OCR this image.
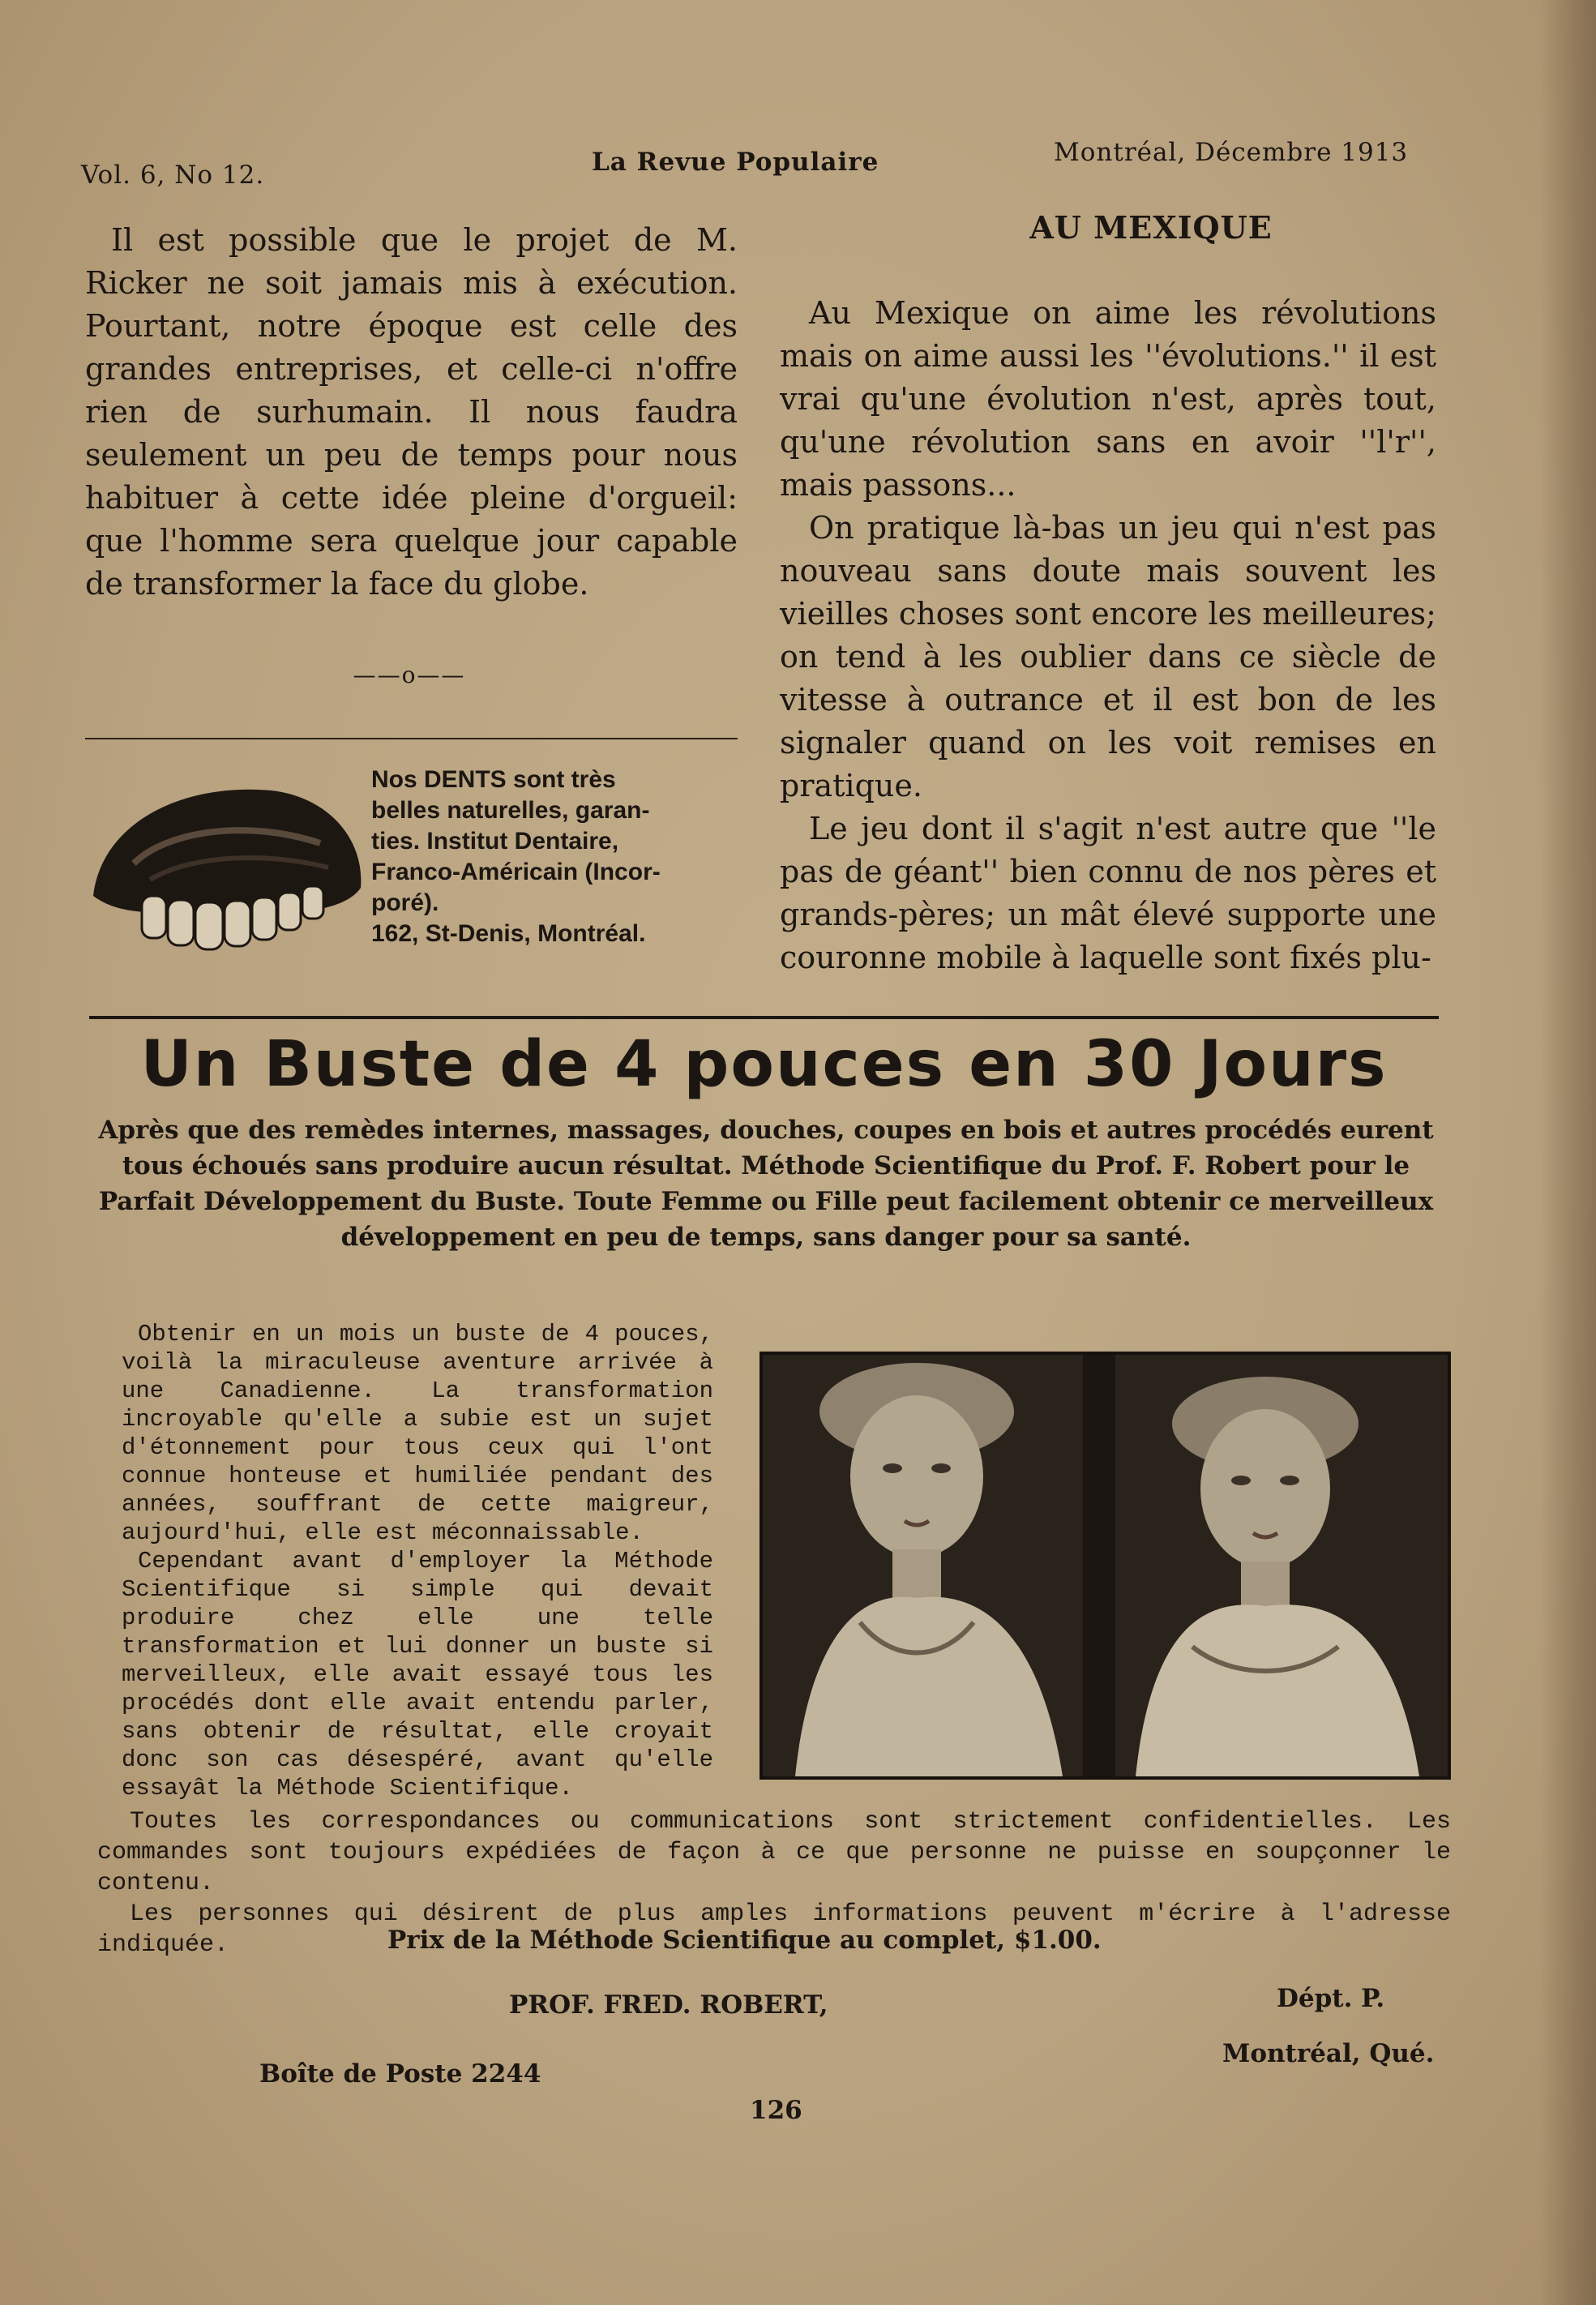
Vol. 6, No 12.	La Revue Populaire	Montréal, Décembre 1913
Il est possible que le projet de M. Ricker ne soit jamais mis à exécution. Pourtant, notre époque est celle des grandes entreprises, et celle-ci n'offre rien de surhumain. Il nous faudra seulement un peu de temps pour nous habituer à cette idée pleine d'orgueil: que l'homme sera quelque jour capable de transformer la face du globe.
——o——
Nos DENTS sont très
belles naturelles, garan-
ties. Institut Dentaire,
Franco-Américain (Incor-
poré).
162, St-Denis, Montréal.
AU MEXIQUE

Au Mexique on aime les révolutions mais on aime aussi les ''évolutions.'' il est vrai qu'une évolution n'est, après tout, qu'une révolution sans en avoir ''l'r'', mais passons...

On pratique là-bas un jeu qui n'est pas nouveau sans doute mais souvent les vieilles choses sont encore les meilleures; on tend à les oublier dans ce siècle de vitesse à outrance et il est bon de les signaler quand on les voit remises en pratique.

Le jeu dont il s'agit n'est autre que ''le pas de géant'' bien connu de nos pères et grands-pères; un mât élevé supporte une couronne mobile à laquelle sont fixés plu-

Un Buste de 4 pouces en 30 Jours
Après que des remèdes internes, massages, douches, coupes en bois et autres procédés eurent tous échoués sans produire aucun résultat. Méthode Scientifique du Prof. F. Robert pour le Parfait Développement du Buste. Toute Femme ou Fille peut facilement obtenir ce merveilleux développement en peu de temps, sans danger pour sa santé.

Obtenir en un mois un buste de 4 pouces, voilà la miraculeuse aventure arrivée à une Canadienne. La transformation incroyable qu'elle a subie est un sujet d'étonnement pour tous ceux qui l'ont connue honteuse et humiliée pendant des années, souffrant de cette maigreur, aujourd'hui, elle est méconnaissable.

Cependant avant d'employer la Méthode Scientifique si simple qui devait produire chez elle une telle transformation et lui donner un buste si merveilleux, elle avait essayé tous les procédés dont elle avait entendu parler, sans obtenir de résultat, elle croyait donc son cas désespéré, avant qu'elle essayât la Méthode Scientifique.

Toutes les correspondances ou communications sont strictement confidentielles. Les commandes sont toujours expédiées de façon à ce que personne ne puisse en soupçonner le contenu.

Les personnes qui désirent de plus amples informations peuvent m'écrire à l'adresse indiquée.	Prix de la Méthode Scientifique au complet, $1.00.
PROF. FRED. ROBERT,	Dépt. P.
Montréal, Qué.
Boîte de Poste 2244
126
